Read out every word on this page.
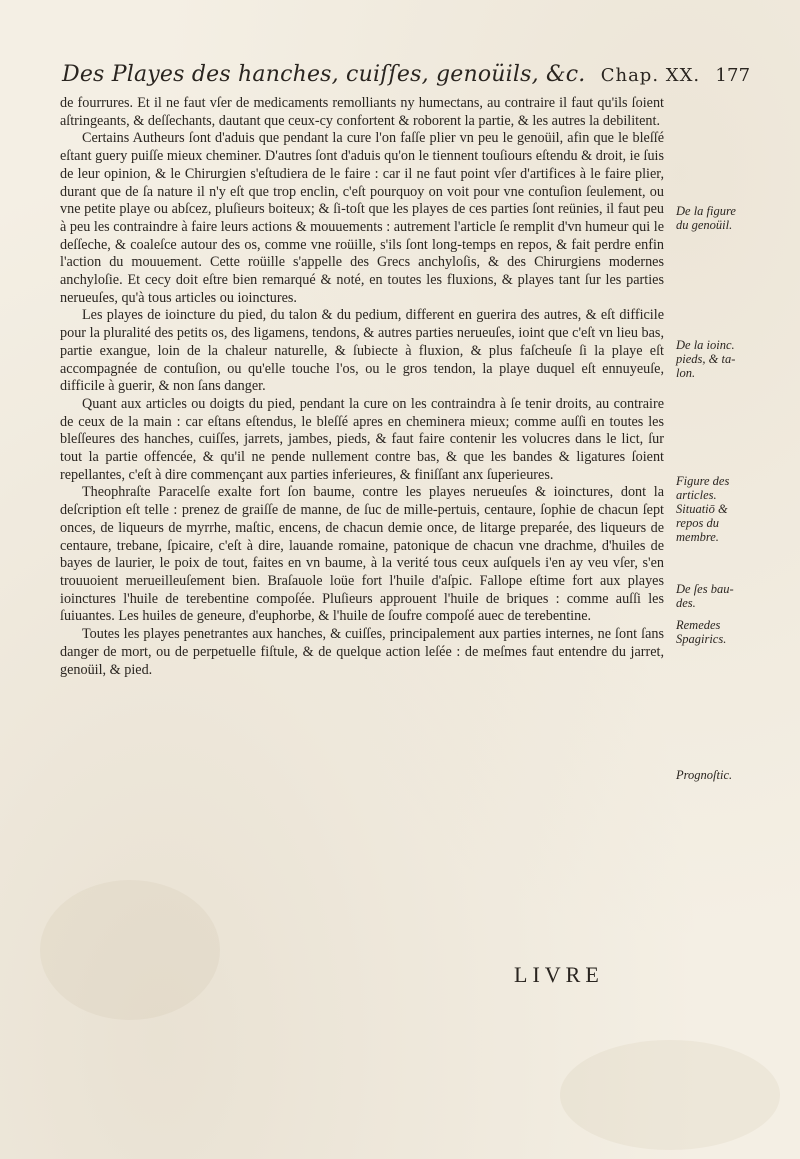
Des Playes des hanches, cuiſſes, genoüils, &c. Chap. XX. 177

de fourrures. Et il ne faut vſer de medicaments remolliants ny humectans, au contraire il faut qu'ils ſoient aſtringeants, & deſſechants, dautant que ceux-cy confortent & roborent la partie, & les autres la debilitent.

Certains Autheurs ſont d'aduis que pendant la cure l'on faſſe plier vn peu le genoüil, afin que le bleſſé eſtant guery puiſſe mieux cheminer. D'autres ſont d'aduis qu'on le tiennent touſiours eſtendu & droit, ie ſuis de leur opinion, & le Chirurgien s'eſtudiera de le faire : car il ne faut point vſer d'artifices à le faire plier, durant que de ſa nature il n'y eſt que trop enclin, c'eſt pourquoy on voit pour vne contuſion ſeulement, ou vne petite playe ou abſcez, pluſieurs boiteux; & ſi-toſt que les playes de ces parties ſont reünies, il faut peu à peu les contraindre à faire leurs actions & mouuements : autrement l'article ſe remplit d'vn humeur qui le deſſeche, & coaleſce autour des os, comme vne roüille, s'ils ſont long-temps en repos, & fait perdre enfin l'action du mouuement. Cette roüille s'appelle des Grecs anchyloſis, & des Chirurgiens modernes anchyloſie. Et cecy doit eſtre bien remarqué & noté, en toutes les fluxions, & playes tant ſur les parties nerueuſes, qu'à tous articles ou ioinctures.

Les playes de ioincture du pied, du talon & du pedium, different en guerira des autres, & eſt difficile pour la pluralité des petits os, des ligamens, tendons, & autres parties nerueuſes, ioint que c'eſt vn lieu bas, partie exangue, loin de la chaleur naturelle, & ſubiecte à fluxion, & plus faſcheuſe ſi la playe eſt accompagnée de contuſion, ou qu'elle touche l'os, ou le gros tendon, la playe duquel eſt ennuyeuſe, difficile à guerir, & non ſans danger.

Quant aux articles ou doigts du pied, pendant la cure on les contraindra à ſe tenir droits, au contraire de ceux de la main : car eſtans eſtendus, le bleſſé apres en cheminera mieux; comme auſſi en toutes les bleſſeures des hanches, cuiſſes, jarrets, jambes, pieds, & faut faire contenir les volucres dans le lict, ſur tout la partie offencée, & qu'il ne pende nullement contre bas, & que les bandes & ligatures ſoient repellantes, c'eſt à dire commençant aux parties inferieures, & finiſſant anx ſuperieures.

Theophraſte Paracelſe exalte fort ſon baume, contre les playes nerueuſes & ioinctures, dont la deſcription eſt telle : prenez de graiſſe de manne, de ſuc de mille-pertuis, centaure, ſophie de chacun ſept onces, de liqueurs de myrrhe, maſtic, encens, de chacun demie once, de litarge preparée, des liqueurs de centaure, trebane, ſpicaire, c'eſt à dire, lauande romaine, patonique de chacun vne drachme, d'huiles de bayes de laurier, le poix de tout, faites en vn baume, à la verité tous ceux auſquels i'en ay veu vſer, s'en trouuoient merueilleuſement bien. Braſauole loüe fort l'huile d'aſpic. Fallope eſtime fort aux playes ioinctures l'huile de terebentine compoſée. Pluſieurs approuent l'huile de briques : comme auſſi les ſuiuantes. Les huiles de geneure, d'euphorbe, & l'huile de ſoufre compoſé auec de terebentine.

Toutes les playes penetrantes aux hanches, & cuiſſes, principalement aux parties internes, ne ſont ſans danger de mort, ou de perpetuelle fiſtule, & de quelque action leſée : de meſmes faut entendre du jarret, genoüil, & pied.

De la figure
du genoüil.
De la ioinc.
pieds, & ta-
lon.
Figure des
articles.
Situatiō &
repos du
membre.
De ſes bau-
des.
Remedes
Spagirics.
Prognoſtic.
LIVRE
